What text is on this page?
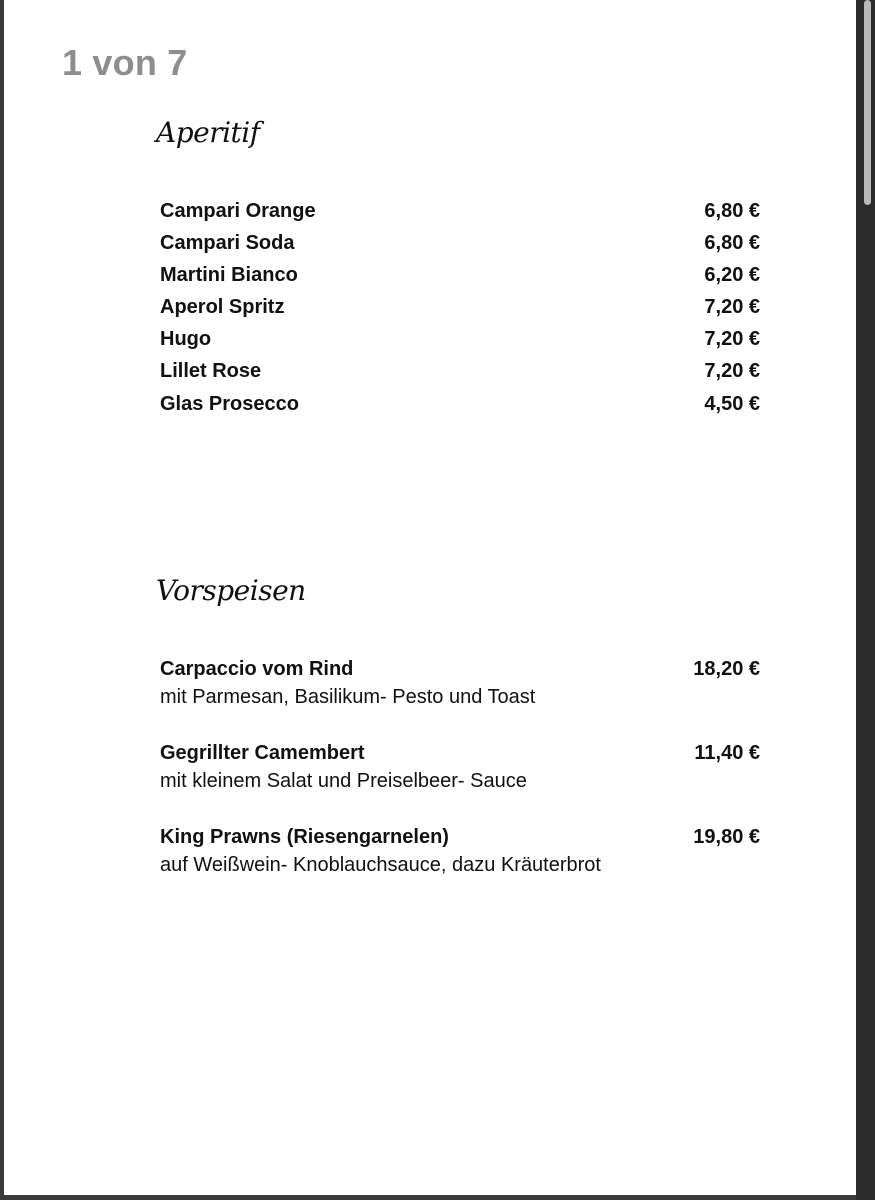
1 von 7
Aperitif
Campari Orange	6,80 €
Campari Soda	6,80 €
Martini Bianco	6,20 €
Aperol Spritz	7,20 €
Hugo	7,20 €
Lillet Rose	7,20 €
Glas Prosecco	4,50 €
Vorspeisen
Carpaccio vom Rind	18,20 €
mit Parmesan, Basilikum- Pesto und Toast
Gegrillter Camembert	11,40 €
mit kleinem Salat und Preiselbeer- Sauce
King Prawns (Riesengarnelen)	19,80 €
auf Weißwein- Knoblauchsauce, dazu Kräuterbrot
